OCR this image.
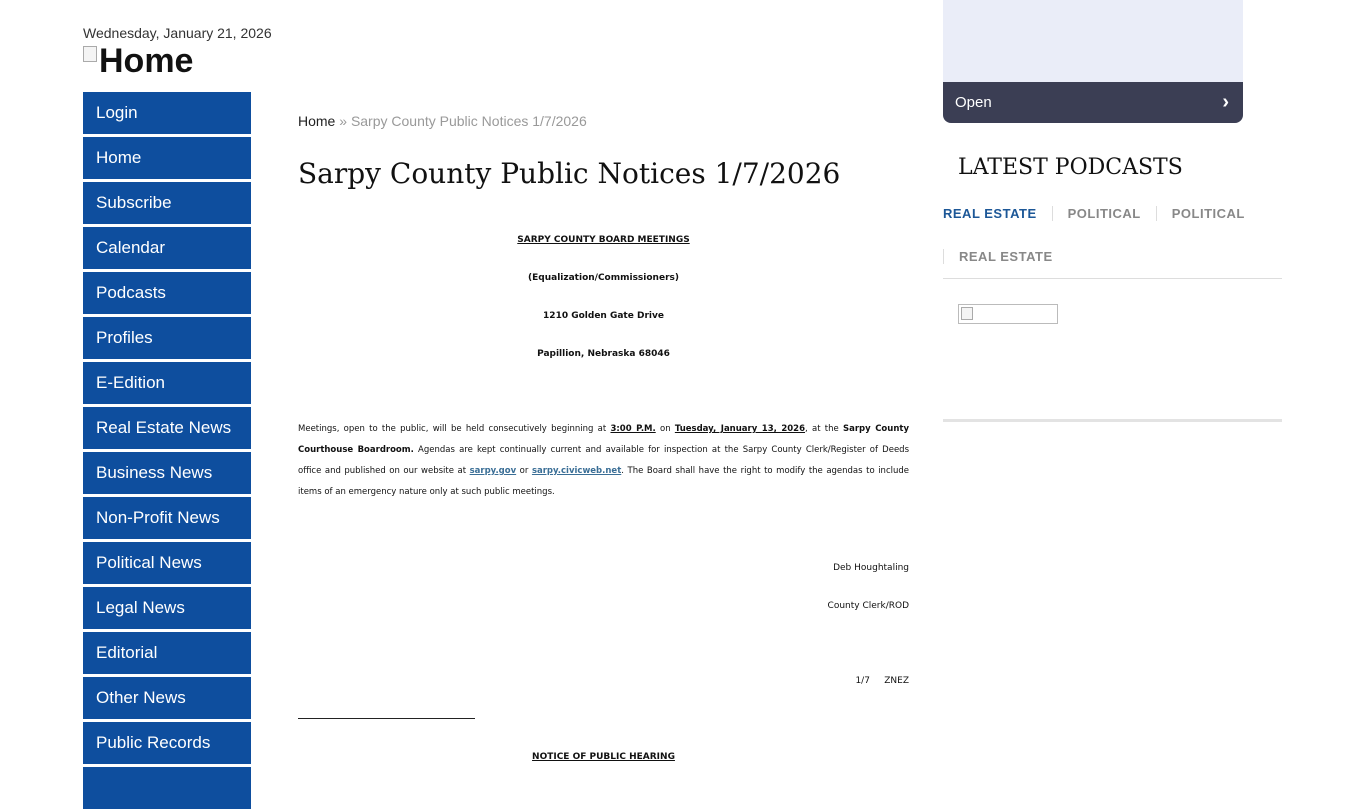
Wednesday, January 21, 2026
Home
Login
Home
Subscribe
Calendar
Podcasts
Profiles
E-Edition
Real Estate News
Business News
Non-Profit News
Political News
Legal News
Editorial
Other News
Public Records
Home » Sarpy County Public Notices 1/7/2026
Sarpy County Public Notices 1/7/2026
SARPY COUNTY BOARD MEETINGS
(Equalization/Commissioners)
1210 Golden Gate Drive
Papillion, Nebraska 68046
Meetings, open to the public, will be held consecutively beginning at 3:00 P.M. on Tuesday, January 13, 2026, at the Sarpy County Courthouse Boardroom. Agendas are kept continually current and available for inspection at the Sarpy County Clerk/Register of Deeds office and published on our website at sarpy.gov or sarpy.civicweb.net. The Board shall have the right to modify the agendas to include items of an emergency nature only at such public meetings.
Deb Houghtaling
County Clerk/ROD
1/7     ZNEZ
NOTICE OF PUBLIC HEARING
Open	›
LATEST PODCASTS
REAL ESTATE	POLITICAL	POLITICAL
REAL ESTATE
